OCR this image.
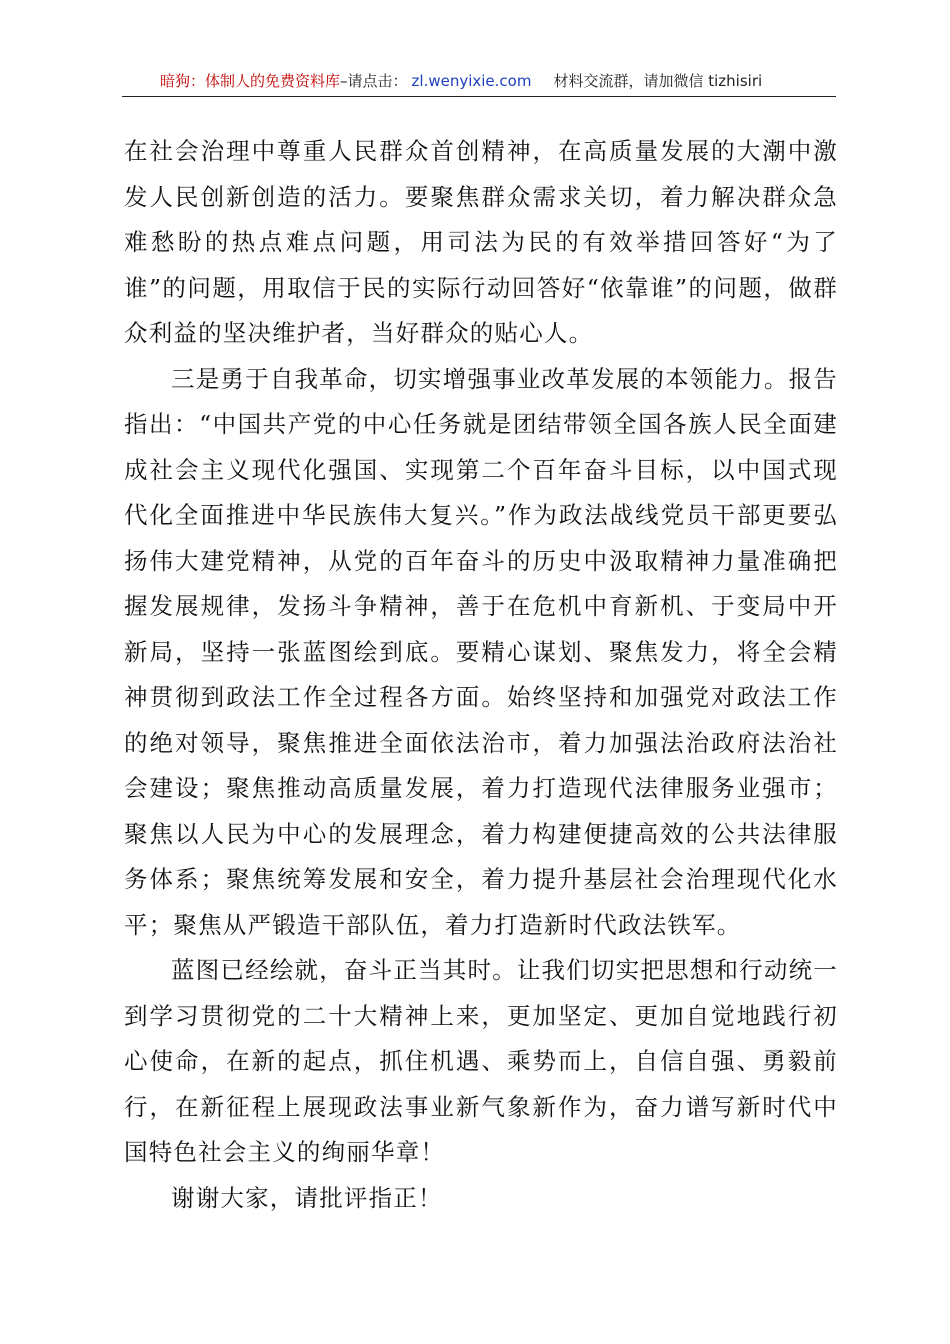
暗狗：体制人的免费资料库–请点击： zl.wenyixie.com 材料交流群，请加微信 tizhisiri

在社会治理中尊重人民群众首创精神，在高质量发展的大潮中激发人民创新创造的活力。要聚焦群众需求关切，着力解决群众急难愁盼的热点难点问题，用司法为民的有效举措回答好“为了谁”的问题，用取信于民的实际行动回答好“依靠谁”的问题，做群众利益的坚决维护者，当好群众的贴心人。

三是勇于自我革命，切实增强事业改革发展的本领能力。报告指出：“中国共产党的中心任务就是团结带领全国各族人民全面建成社会主义现代化强国、实现第二个百年奋斗目标，以中国式现代化全面推进中华民族伟大复兴。”作为政法战线党员干部更要弘扬伟大建党精神，从党的百年奋斗的历史中汲取精神力量准确把握发展规律，发扬斗争精神，善于在危机中育新机、于变局中开新局，坚持一张蓝图绘到底。要精心谋划、聚焦发力，将全会精神贯彻到政法工作全过程各方面。始终坚持和加强党对政法工作的绝对领导，聚焦推进全面依法治市，着力加强法治政府法治社会建设；聚焦推动高质量发展，着力打造现代法律服务业强市；聚焦以人民为中心的发展理念，着力构建便捷高效的公共法律服务体系；聚焦统筹发展和安全，着力提升基层社会治理现代化水平；聚焦从严锻造干部队伍，着力打造新时代政法铁军。

蓝图已经绘就，奋斗正当其时。让我们切实把思想和行动统一到学习贯彻党的二十大精神上来，更加坚定、更加自觉地践行初心使命，在新的起点，抓住机遇、乘势而上，自信自强、勇毅前行，在新征程上展现政法事业新气象新作为，奋力谱写新时代中国特色社会主义的绚丽华章！

谢谢大家，请批评指正！
